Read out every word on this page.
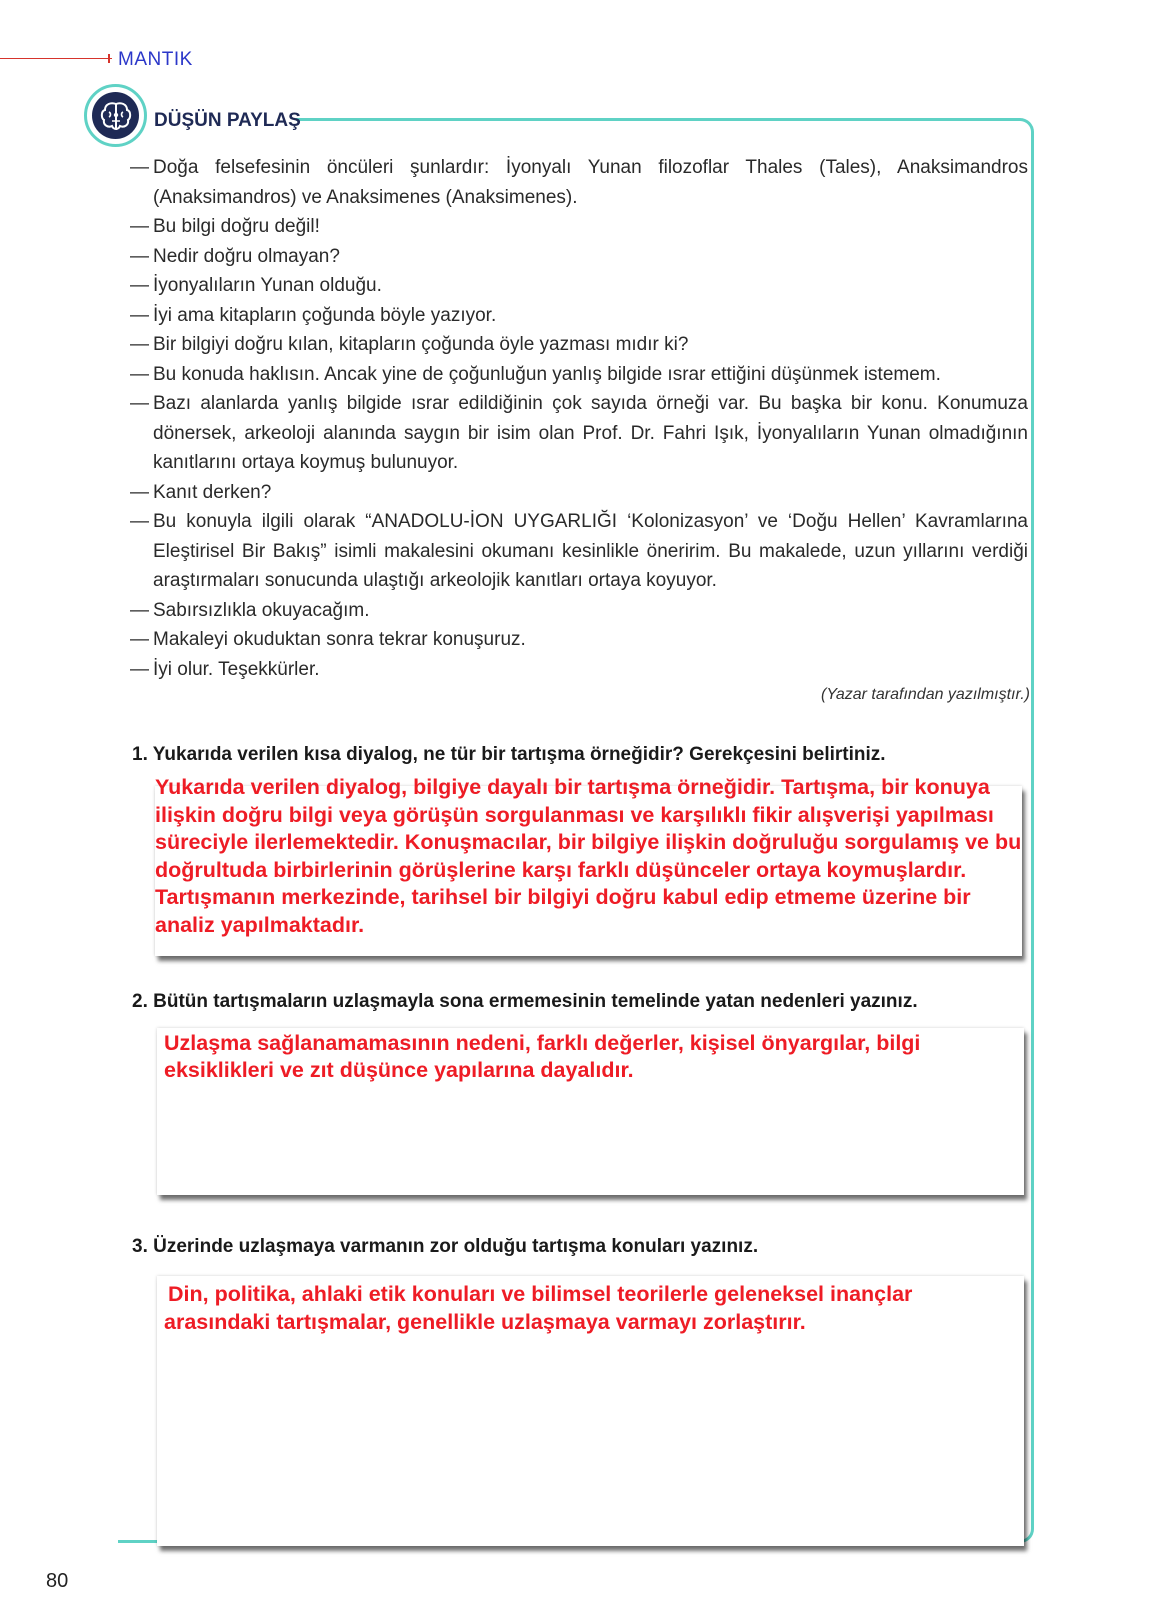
MANTIK
DÜŞÜN PAYLAŞ
— Doğa felsefesinin öncüleri şunlardır: İyonyalı Yunan filozoflar Thales (Tales), Anaksimandros (Anaksimandros) ve Anaksimenes (Anaksimenes).
— Bu bilgi doğru değil!
— Nedir doğru olmayan?
— İyonyalıların Yunan olduğu.
— İyi ama kitapların çoğunda böyle yazıyor.
— Bir bilgiyi doğru kılan, kitapların çoğunda öyle yazması mıdır ki?
— Bu konuda haklısın. Ancak yine de çoğunluğun yanlış bilgide ısrar ettiğini düşünmek istemem.
— Bazı alanlarda yanlış bilgide ısrar edildiğinin çok sayıda örneği var. Bu başka bir konu. Konumuza dönersek, arkeoloji alanında saygın bir isim olan Prof. Dr. Fahri Işık, İyonyalıların Yunan olmadığının kanıtlarını ortaya koymuş bulunuyor.
— Kanıt derken?
— Bu konuyla ilgili olarak “ANADOLU-İON UYGARLIĞI ‘Kolonizasyon’ ve ‘Doğu Hellen’ Kavramlarına Eleştirisel Bir Bakış” isimli makalesini okumanı kesinlikle öneririm. Bu makalede, uzun yıllarını verdiği araştırmaları sonucunda ulaştığı arkeolojik kanıtları ortaya koyuyor.
— Sabırsızlıkla okuyacağım.
— Makaleyi okuduktan sonra tekrar konuşuruz.
— İyi olur. Teşekkürler.
(Yazar tarafından yazılmıştır.)
1. Yukarıda verilen kısa diyalog, ne tür bir tartışma örneğidir? Gerekçesini belirtiniz.
Yukarıda verilen diyalog, bilgiye dayalı bir tartışma örneğidir. Tartışma, bir konuya ilişkin doğru bilgi veya görüşün sorgulanması ve karşılıklı fikir alışverişi yapılması süreciyle ilerlemektedir. Konuşmacılar, bir bilgiye ilişkin doğruluğu sorgulamış ve bu doğrultuda birbirlerinin görüşlerine karşı farklı düşünceler ortaya koymuşlardır. Tartışmanın merkezinde, tarihsel bir bilgiyi doğru kabul edip etmeme üzerine bir analiz yapılmaktadır.
2. Bütün tartışmaların uzlaşmayla sona ermemesinin temelinde yatan nedenleri yazınız.
Uzlaşma sağlanamamasının nedeni, farklı değerler, kişisel önyargılar, bilgi eksiklikleri ve zıt düşünce yapılarına dayalıdır.
3. Üzerinde uzlaşmaya varmanın zor olduğu tartışma konuları yazınız.
Din, politika, ahlaki etik konuları ve bilimsel teorilerle geleneksel inançlar arasındaki tartışmalar, genellikle uzlaşmaya varmayı zorlaştırır.
80
